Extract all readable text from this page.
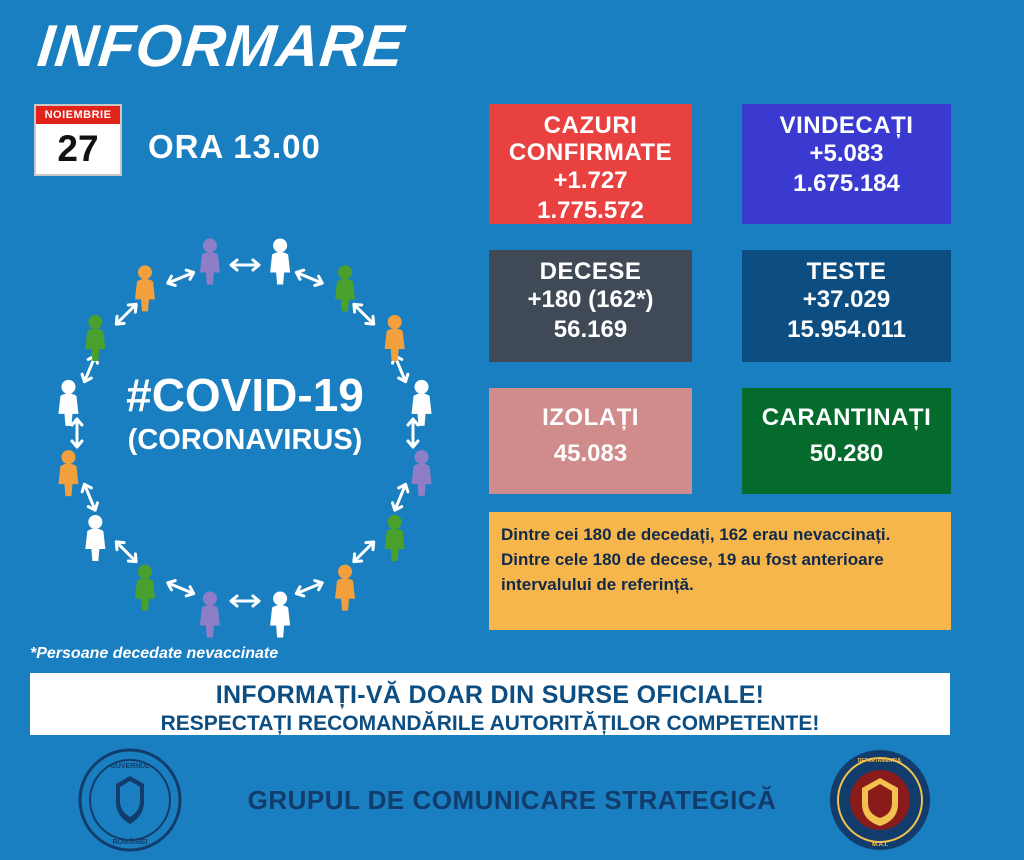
INFORMARE
NOIEMBRIE
27	ORA 13.00
#COVID-19
(CORONAVIRUS)
CAZURI
CONFIRMATE
+1.727
1.775.572
VINDECAȚI
+5.083
1.675.184
DECESE
+180 (162*)
56.169
TESTE
+37.029
15.954.011
IZOLAȚI
45.083
CARANTINAȚI
50.280
Dintre cei 180 de decedați, 162 erau nevaccinați.
Dintre cele 180 de decese, 19 au fost anterioare intervalului de referință.
*Persoane decedate nevaccinate
INFORMAȚI-VĂ DOAR DIN SURSE OFICIALE!
RESPECTAȚI RECOMANDĂRILE AUTORITĂȚILOR COMPETENTE!
GUVERNUL
ROMÂNIEI
DEPARTAMENTUL
M.A.I.
GRUPUL DE COMUNICARE STRATEGICĂ
